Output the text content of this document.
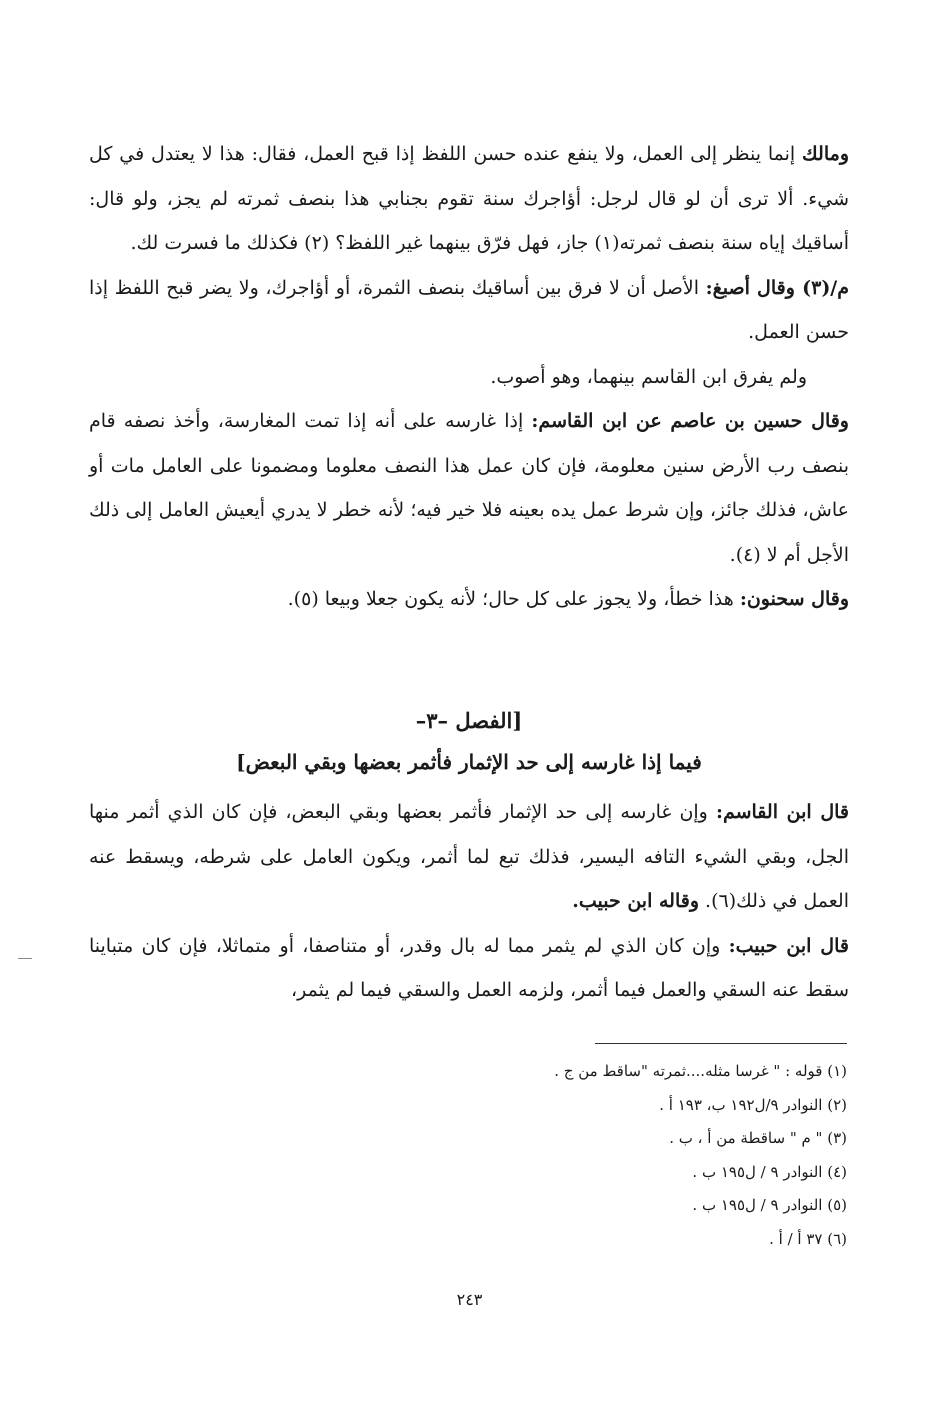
ومالك إنما ينظر إلى العمل، ولا ينفع عنده حسن اللفظ إذا قبح العمل، فقال: هذا لا يعتدل في كل شيء. ألا ترى أن لو قال لرجل: أؤاجرك سنة تقوم بجنابي هذا بنصف ثمرته لم يجز، ولو قال: أساقيك إياه سنة بنصف ثمرته(١) جاز، فهل فرّق بينهما غير اللفظ؟ (٢) فكذلك ما فسرت لك.

م/(٣) وقال أصبغ: الأصل أن لا فرق بين أساقيك بنصف الثمرة، أو أؤاجرك، ولا يضر قبح اللفظ إذا حسن العمل.

ولم يفرق ابن القاسم بينهما، وهو أصوب.

وقال حسين بن عاصم عن ابن القاسم: إذا غارسه على أنه إذا تمت المغارسة، وأخذ نصفه قام بنصف رب الأرض سنين معلومة، فإن كان عمل هذا النصف معلوما ومضمونا على العامل مات أو عاش، فذلك جائز، وإن شرط عمل يده بعينه فلا خير فيه؛ لأنه خطر لا يدري أيعيش العامل إلى ذلك الأجل أم لا (٤).

وقال سحنون: هذا خطأ، ولا يجوز على كل حال؛ لأنه يكون جعلا وبيعا (٥).

[الفصل –٣–

فيما إذا غارسه إلى حد الإثمار فأثمر بعضها وبقي البعض]

قال ابن القاسم: وإن غارسه إلى حد الإثمار فأثمر بعضها وبقي البعض، فإن كان الذي أثمر منها الجل، وبقي الشيء التافه اليسير، فذلك تبع لما أثمر، ويكون العامل على شرطه، ويسقط عنه العمل في ذلك(٦). وقاله ابن حبيب.

قال ابن حبيب: وإن كان الذي لم يثمر مما له بال وقدر، أو متناصفا، أو متماثلا، فإن كان متباينا سقط عنه السقي والعمل فيما أثمر، ولزمه العمل والسقي فيما لم يثمر،

(١) قوله : " غرسا مثله....ثمرته "ساقط من ج .
(٢) النوادر ٩/ل١٩٢ ب، ١٩٣ أ .
(٣) " م " ساقطة من أ ، ب .
(٤) النوادر ٩ / ل١٩٥ ب .
(٥) النوادر ٩ / ل١٩٥ ب .
(٦) ٣٧ أ / أ .
٢٤٣
